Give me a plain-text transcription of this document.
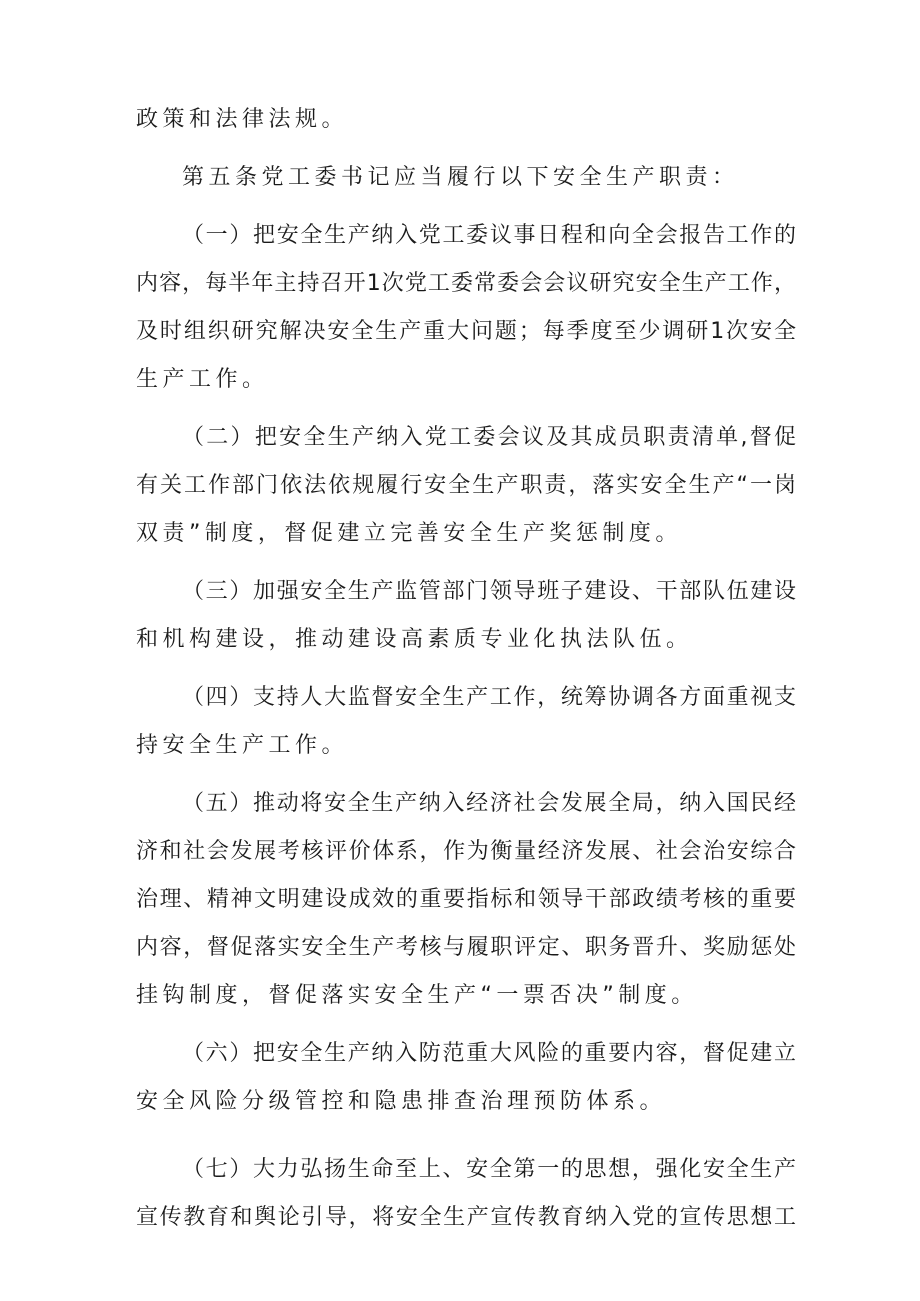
政策和法律法规。
第五条党工委书记应当履行以下安全生产职责：
（一）把安全生产纳入党工委议事日程和向全会报告工作的
内容，每半年主持召开1次党工委常委会会议研究安全生产工作，
及时组织研究解决安全生产重大问题；每季度至少调研1次安全
生产工作。
（二）把安全生产纳入党工委会议及其成员职责清单,督促
有关工作部门依法依规履行安全生产职责，落实安全生产“一岗
双责”制度，督促建立完善安全生产奖惩制度。
（三）加强安全生产监管部门领导班子建设、干部队伍建设
和机构建设，推动建设高素质专业化执法队伍。
（四）支持人大监督安全生产工作，统筹协调各方面重视支
持安全生产工作。
（五）推动将安全生产纳入经济社会发展全局，纳入国民经
济和社会发展考核评价体系，作为衡量经济发展、社会治安综合
治理、精神文明建设成效的重要指标和领导干部政绩考核的重要
内容，督促落实安全生产考核与履职评定、职务晋升、奖励惩处
挂钩制度，督促落实安全生产“一票否决”制度。
（六）把安全生产纳入防范重大风险的重要内容，督促建立
安全风险分级管控和隐患排查治理预防体系。
（七）大力弘扬生命至上、安全第一的思想，强化安全生产
宣传教育和舆论引导，将安全生产宣传教育纳入党的宣传思想工
